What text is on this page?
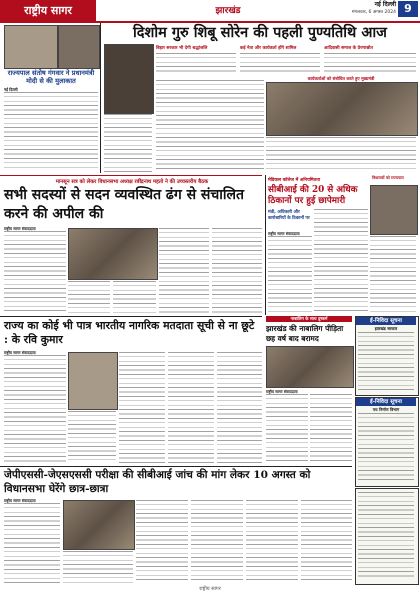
राष्ट्रीय सागर	झारखंड
नई दिल्ली
मंगलवार, 6 अगस्त 2024 9
राज्यपाल संतोष गंगवार ने प्रधानमंत्री मोदी से की मुलाकात
नई दिल्ली
दिशोम गुरु शिबू सोरेन की पहली पुण्यतिथि आज
बिहार सरकार भी देगी श्रद्धांजलि	कई नेता और कार्यकर्ता होंगे शामिल	आदिवासी समाज के प्रेरणास्रोत
कार्यकर्ताओं को संबोधित करते हुए मुख्यमंत्री
मानसून सत्र को लेकर विधानसभा अध्यक्ष रबींद्रनाथ महतो ने की उच्चस्तरीय बैठक
सभी सदस्यों से सदन व्यवस्थित ढंग से संचालित करने की अपील की
राष्ट्रीय सागर संवाददाता
मेडिकल कॉलेज में अनियमितता
सीबीआई की 20 से अधिक ठिकानों पर हुई छापेमारी
मंत्री, अधिकारी और कारोबारियों के ठिकानों पर
राष्ट्रीय सागर संवाददाता
विधायकों को राज्यपाल
राज्य का कोई भी पात्र भारतीय नागरिक मतदाता सूची से ना छूटे : के रवि कुमार
राष्ट्रीय सागर संवाददाता
नाबालिग के साथ दुष्कर्म
झारखंड की नाबालिग पीड़िता छह वर्ष बाद बरामद
राष्ट्रीय सागर संवाददाता
ई-निविदा सूचना
झारखंड सरकार
ई-निविदा सूचना
पथ निर्माण विभाग
जेपीएससी-जेएसएससी परीक्षा की सीबीआई जांच की मांग लेकर 10 अगस्त को विधानसभा घेरेंगे छात्र-छात्रा
राष्ट्रीय सागर संवाददाता
राष्ट्रीय सागर
